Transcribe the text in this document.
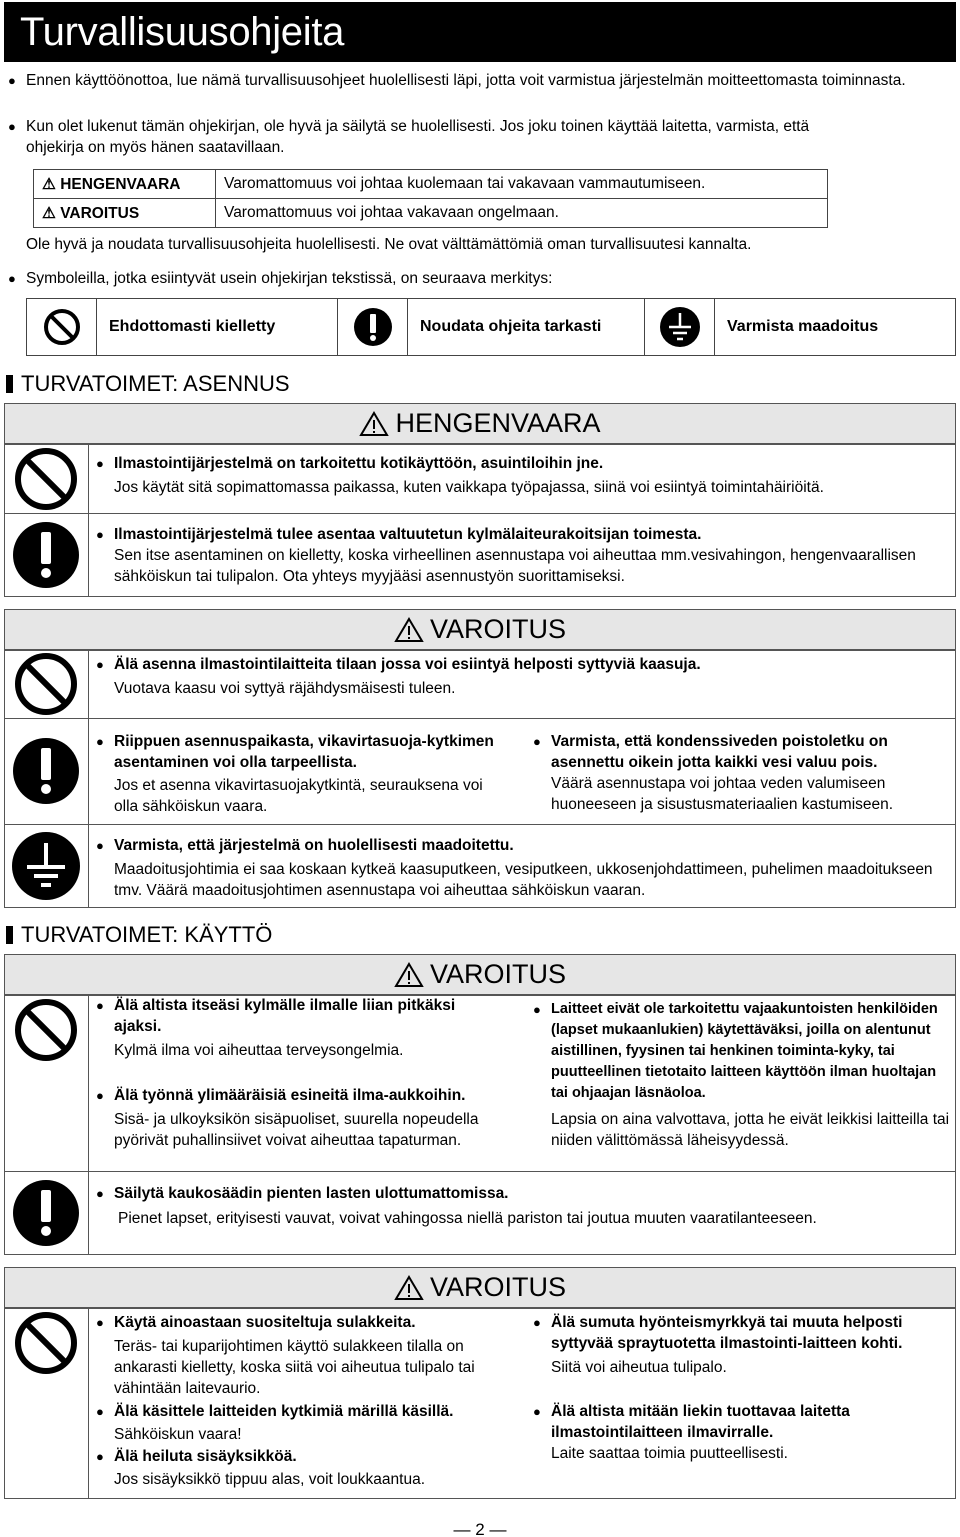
Turvallisuusohjeita
● Ennen käyttöönottoa, lue nämä turvallisuusohjeet huolellisesti läpi, jotta voit varmistua järjestelmän moitteettomasta toiminnasta.
● Kun olet lukenut tämän ohjekirjan, ole hyvä ja säilytä se huolellisesti. Jos joku toinen käyttää laitetta, varmista, että ohjekirja on myös hänen saatavillaan.
⚠ HENGENVAARA	Varomattomuus voi johtaa kuolemaan tai vakavaan vammautumiseen.
⚠ VAROITUS	Varomattomuus voi johtaa vakavaan ongelmaan.
Ole hyvä ja noudata turvallisuusohjeita huolellisesti. Ne ovat välttämättömiä oman turvallisuutesi kannalta.
● Symboleilla, jotka esiintyvät usein ohjekirjan tekstissä, on seuraava merkitys:
Ehdottomasti kielletty	Noudata ohjeita tarkasti	Varmista maadoitus
TURVATOIMET: ASENNUS
HENGENVAARA
● Ilmastointijärjestelmä on tarkoitettu kotikäyttöön, asuintiloihin jne.
Jos käytät sitä sopimattomassa paikassa, kuten vaikkapa työpajassa, siinä voi esiintyä toimintahäiriöitä.
● Ilmastointijärjestelmä tulee asentaa valtuutetun kylmälaiteurakoitsijan toimesta.
Sen itse asentaminen on kielletty, koska virheellinen asennustapa voi aiheuttaa mm.vesivahingon, hengenvaarallisen sähköiskun tai tulipalon. Ota yhteys myyjääsi asennustyön suorittamiseksi.
VAROITUS
● Älä asenna ilmastointilaitteita tilaan jossa voi esiintyä helposti syttyviä kaasuja.
Vuotava kaasu voi syttyä räjähdysmäisesti tuleen.
● Riippuen asennuspaikasta, vikavirtasuoja-kytkimen asentaminen voi olla tarpeellista.
Jos et asenna vikavirtasuojakytkintä, seurauksena voi olla sähköiskun vaara.
● Varmista, että kondenssiveden poistoletku on asennettu oikein jotta kaikki vesi valuu pois.
Väärä asennustapa voi johtaa veden valumiseen huoneeseen ja sisustusmateriaalien kastumiseen.
● Varmista, että järjestelmä on huolellisesti maadoitettu.
Maadoitusjohtimia ei saa koskaan kytkeä kaasuputkeen, vesiputkeen, ukkosenjohdattimeen, puhelimen maadoitukseen tmv. Väärä maadoitusjohtimen asennustapa voi aiheuttaa sähköiskun vaaran.
TURVATOIMET: KÄYTTÖ
VAROITUS
● Älä altista itseäsi kylmälle ilmalle liian pitkäksi ajaksi.
Kylmä ilma voi aiheuttaa terveysongelmia.
● Älä työnnä ylimääräisiä esineitä ilma-aukkoihin.
Sisä- ja ulkoyksikön sisäpuoliset, suurella nopeudella pyörivät puhallinsiivet voivat aiheuttaa tapaturman.
● Laitteet eivät ole tarkoitettu vajaakuntoisten henkilöiden (lapset mukaanlukien) käytettäväksi, joilla on alentunut aistillinen, fyysinen tai henkinen toiminta-kyky, tai puutteellinen tietotaito laitteen käyttöön ilman huoltajan tai ohjaajan läsnäoloa.
Lapsia on aina valvottava, jotta he eivät leikkisi laitteilla tai niiden välittömässä läheisyydessä.
● Säilytä kaukosäädin pienten lasten ulottumattomissa.
Pienet lapset, erityisesti vauvat, voivat vahingossa niellä pariston tai joutua muuten vaaratilanteeseen.
VAROITUS
● Käytä ainoastaan suositeltuja sulakkeita.
Teräs- tai kuparijohtimen käyttö sulakkeen tilalla on ankarasti kielletty, koska siitä voi aiheutua tulipalo tai vähintään laitevaurio.
● Älä käsittele laitteiden kytkimiä märillä käsillä.
Sähköiskun vaara!
● Älä heiluta sisäyksikköä.
Jos sisäyksikkö tippuu alas, voit loukkaantua.
● Älä sumuta hyönteismyrkkyä tai muuta helposti syttyvää spraytuotetta ilmastointi-laitteen kohti.
Siitä voi aiheutua tulipalo.
● Älä altista mitään liekin tuottavaa laitetta ilmastointilaitteen ilmavirralle.
Laite saattaa toimia puutteellisesti.
— 2 —
